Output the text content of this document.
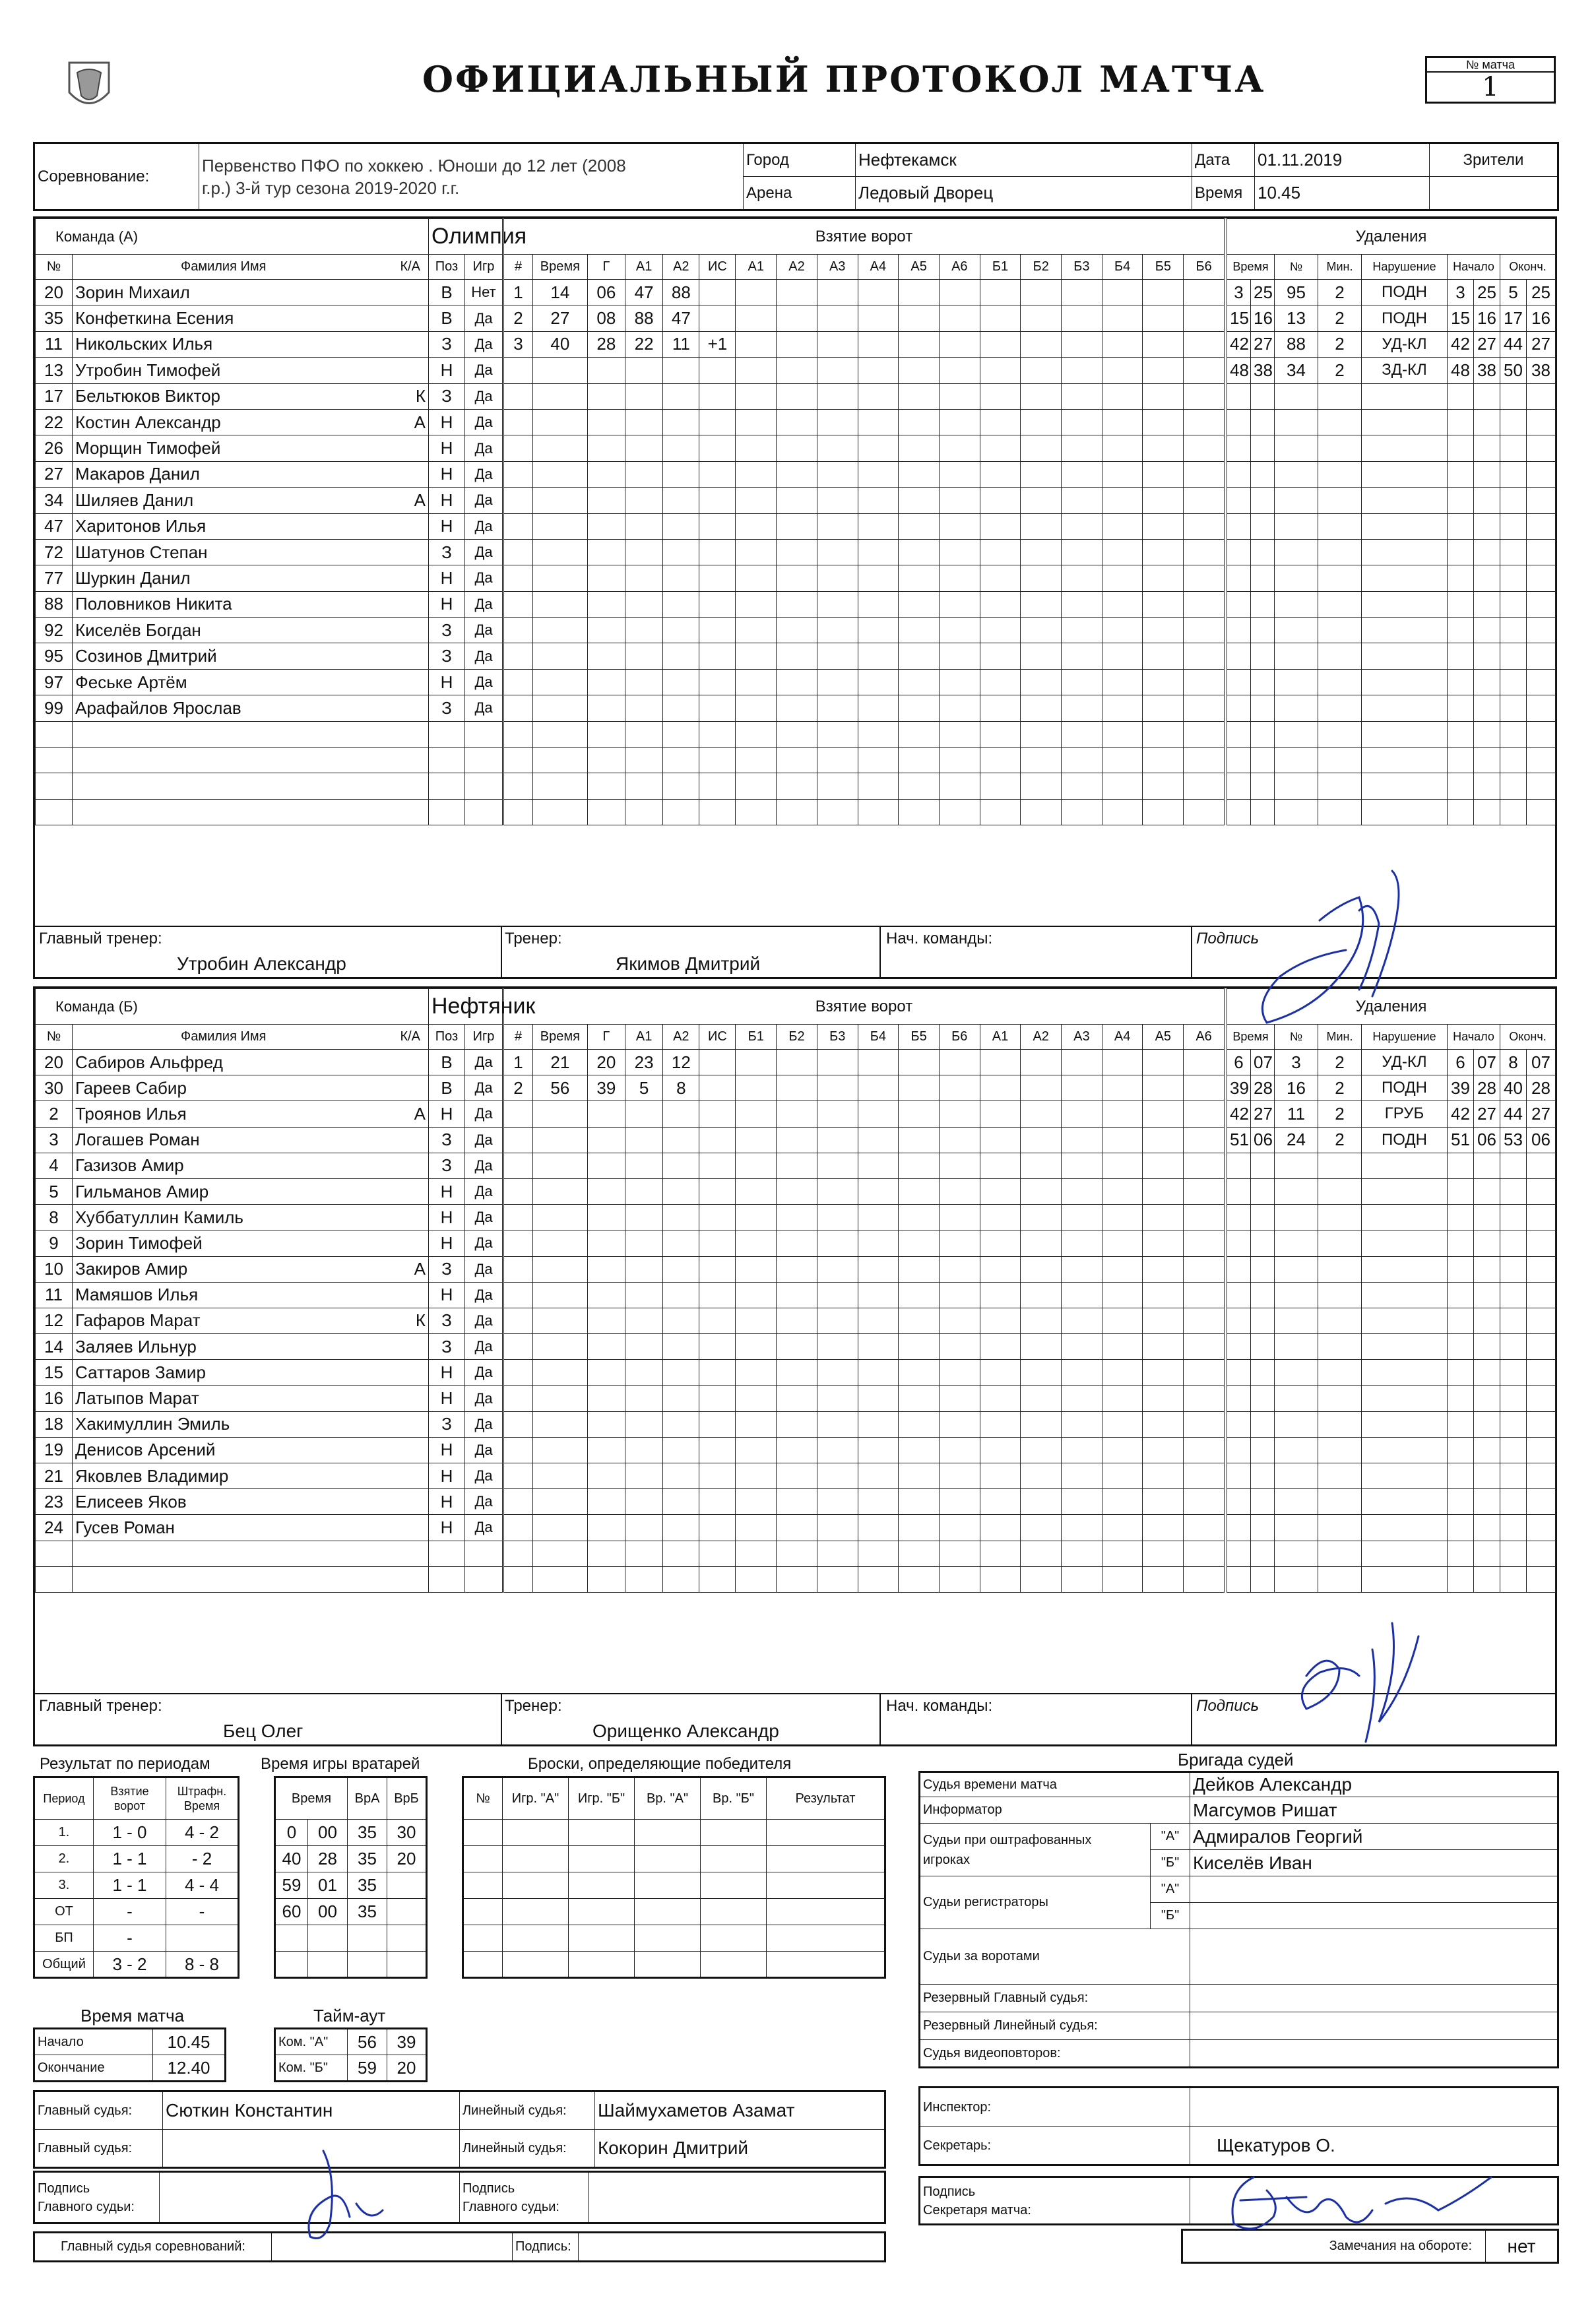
ОФИЦИАЛЬНЫЙ ПРОТОКОЛ МАТЧА	№ матча
1
Соревнование:	Первенство ПФО по хоккею . Юноши до 12 лет (2008
г.р.) 3-й тур сезона 2019-2020 г.г.	Город	Нефтекамск	Дата	01.11.2019	Зрители
		Арена	Ледовый Дворец	Время	10.45	
Команда (А)		Олимпия	
№	Фамилия Имя К/А	Поз	Игр
20	Зорин Михаил	В	Нет
35	Конфеткина Есения	В	Да
11	Никольских Илья	З	Да
13	Утробин Тимофей	Н	Да
17	Бельтюков Виктор К	З	Да
22	Костин Александр А	Н	Да
26	Морщин Тимофей	Н	Да
27	Макаров Данил	Н	Да
34	Шиляев Данил А	Н	Да
47	Харитонов Илья	Н	Да
72	Шатунов Степан	З	Да
77	Шуркин Данил	Н	Да
88	Половников Никита	Н	Да
92	Киселёв Богдан	З	Да
95	Созинов Дмитрий	З	Да
97	Феське Артём	Н	Да
99	Арафайлов Ярослав	З	Да

Взятие ворот																	
#	Время	Г	А1	А2	ИС	А1	А2	А3	А4	А5	А6	Б1	Б2	Б3	Б4	Б5	Б6
1	14	06	47	88													
2	27	08	88	47													
3	40	28	22	11	+1												

Удаления								
Время		№	Мин.	Нарушение	Начало		Оконч.	
3	25	95	2	ПОДН	3	25	5	25
15	16	13	2	ПОДН	15	16	17	16
42	27	88	2	УД-КЛ	42	27	44	27
48	38	34	2	ЗД-КЛ	48	38	50	38

Главный тренер:
Утробин Александр
Тренер:
Якимов Дмитрий
Нач. команды:	Подпись
Команда (Б)		Нефтяник	
№	Фамилия Имя К/А	Поз	Игр
20	Сабиров Альфред	В	Да
30	Гареев Сабир	В	Да
2	Троянов Илья А	Н	Да
3	Логашев Роман	З	Да
4	Газизов Амир	З	Да
5	Гильманов Амир	Н	Да
8	Хуббатуллин Камиль	Н	Да
9	Зорин Тимофей	Н	Да
10	Закиров Амир А	З	Да
11	Мамяшов Илья	Н	Да
12	Гафаров Марат К	З	Да
14	Заляев Ильнур	З	Да
15	Саттаров Замир	Н	Да
16	Латыпов Марат	Н	Да
18	Хакимуллин Эмиль	З	Да
19	Денисов Арсений	Н	Да
21	Яковлев Владимир	Н	Да
23	Елисеев Яков	Н	Да
24	Гусев Роман	Н	Да

Взятие ворот																	
#	Время	Г	А1	А2	ИС	Б1	Б2	Б3	Б4	Б5	Б6	А1	А2	А3	А4	А5	А6
1	21	20	23	12													
2	56	39	5	8													

Удаления								
Время		№	Мин.	Нарушение	Начало		Оконч.	
6	07	3	2	УД-КЛ	6	07	8	07
39	28	16	2	ПОДН	39	28	40	28
42	27	11	2	ГРУБ	42	27	44	27
51	06	24	2	ПОДН	51	06	53	06

Главный тренер:
Бец Олег
Тренер:
Орищенко Александр
Нач. команды:	Подпись
Результат по периодам
Период	Взятие ворот	Штрафн. Время
1.	1 - 0	4 - 2
2.	1 - 1	- 2
3.	1 - 1	4 - 4
ОТ	-	-
БП	-	
Общий	3 - 2	8 - 8
Время игры вратарей
Время		ВрА	ВрБ
0	00	35	30
40	28	35	20
59	01	35	
60	00	35	

Броски, определяющие победителя
№	Игр. "А"	Игр. "Б"	Вр. "А"	Вр. "Б"	Результат

Время матча
Начало	10.45
Окончание	12.40
Тайм-аут
Ком. "А"	56	39
Ком. "Б"	59	20
Главный судья:	Сюткин Константин	Линейный судья:	Шаймухаметов Азамат
Главный судья:		Линейный судья:	Кокорин Дмитрий
Подпись
Главного судьи:

Подпись
Главного судьи:

Главный судья соревнований:		Подпись:	
Бригада судей
Судья времени матча		Дейков Александр
Информатор		Магсумов Ришат

Судьи при оштрафованных
игроках	"А"	Адмиралов Георгий
	"Б"	Киселёв Иван
Судьи регистраторы	"А"	
	"Б"	
Судьи за воротами		
Резервный Главный судья:		
Резервный Линейный судья:		
Судья видеоповторов:		
Инспектор:	
Секретарь:	Щекатуров О.
Подпись
Секретаря матча:

Замечания на обороте:	нет
